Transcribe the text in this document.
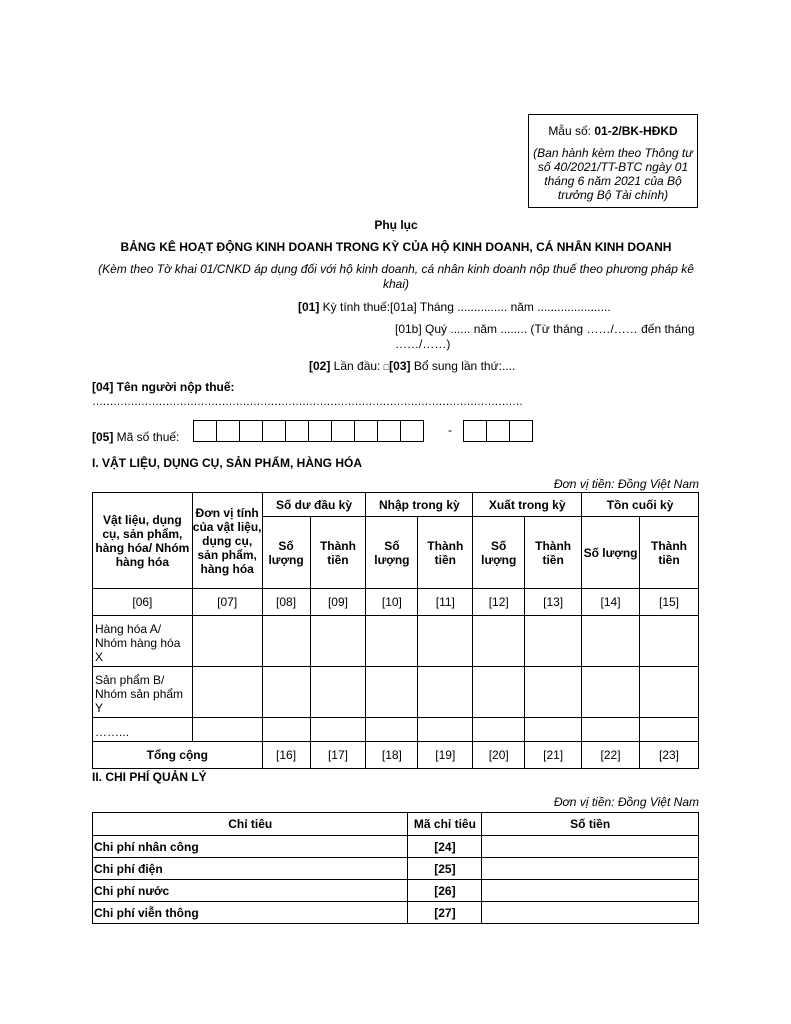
Mẫu số: 01-2/BK-HĐKD
(Ban hành kèm theo Thông tư số 40/2021/TT-BTC ngày 01 tháng 6 năm 2021 của Bộ trưởng Bộ Tài chính)
Phụ lục
BẢNG KÊ HOẠT ĐỘNG KINH DOANH TRONG KỲ CỦA HỘ KINH DOANH, CÁ NHÂN KINH DOANH
(Kèm theo Tờ khai 01/CNKD áp dụng đối với hộ kinh doanh, cá nhân kinh doanh nộp thuế theo phương pháp kê khai)
[01] Kỳ tính thuế:[01a] Tháng ............... năm ......................
[01b] Quý ...... năm ........ (Từ tháng ……/…… đến tháng ……/……)
[02] Lần đầu: □[03] Bổ sung lần thứ:....
[04] Tên người nộp thuế:
……………………………………………………………………………………………………………
[05] Mã số thuế:	-
I. VẬT LIỆU, DỤNG CỤ, SẢN PHẨM, HÀNG HÓA
Đơn vị tiền: Đồng Việt Nam
Vật liệu, dụng cụ, sản phẩm, hàng hóa/ Nhóm hàng hóa	Đơn vị tính của vật liệu, dụng cụ, sản phẩm, hàng hóa	Số dư đầu kỳ		Nhập trong kỳ		Xuất trong kỳ		Tồn cuối kỳ	
		Số lượng	Thành tiền	Số lượng	Thành tiền	Số lượng	Thành tiền	Số lượng	Thành tiền
[06]	[07]	[08]	[09]	[10]	[11]	[12]	[13]	[14]	[15]
Hàng hóa A/ Nhóm hàng hóa X									
Sản phẩm B/ Nhóm sản phẩm Y									
……...									
Tổng cộng		[16]	[17]	[18]	[19]	[20]	[21]	[22]	[23]
II. CHI PHÍ QUẢN LÝ
Đơn vị tiền: Đồng Việt Nam
Chỉ tiêu	Mã chỉ tiêu	Số tiền
Chi phí nhân công	[24]	
Chi phí điện	[25]	
Chi phí nước	[26]	
Chi phí viễn thông	[27]	
